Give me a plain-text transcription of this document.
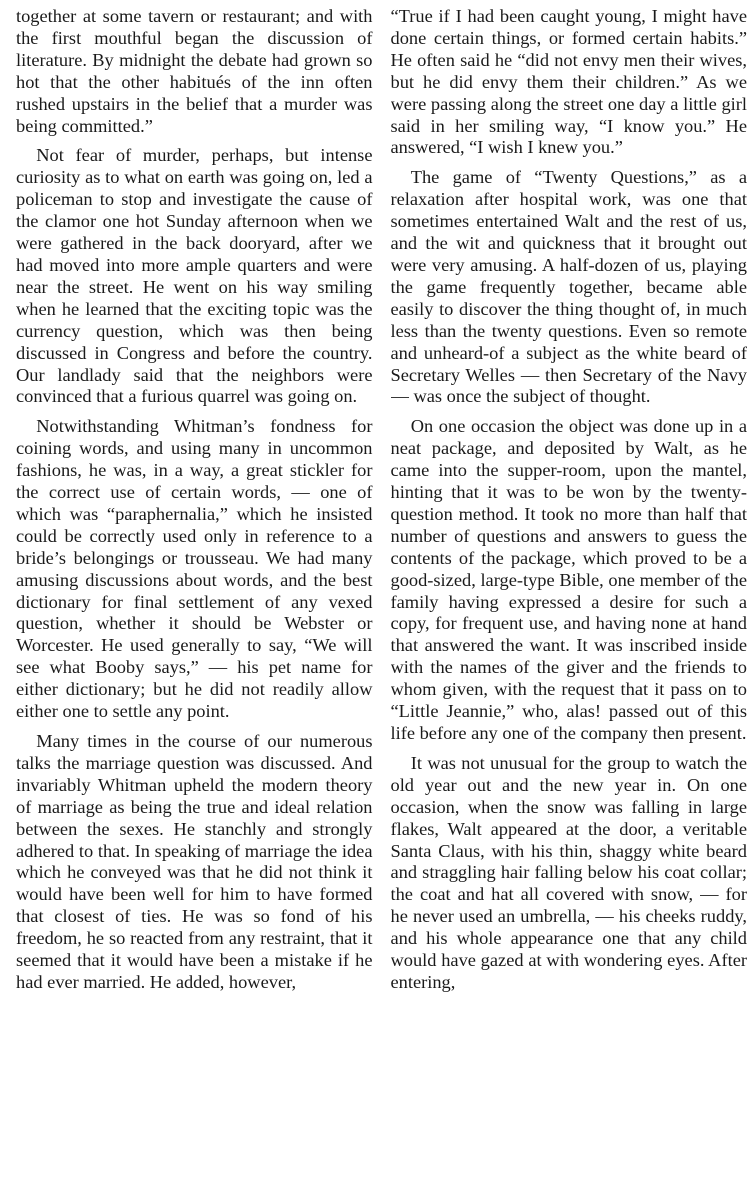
together at some tavern or restaurant; and with the first mouthful began the discussion of literature. By midnight the debate had grown so hot that the other habitués of the inn often rushed upstairs in the belief that a murder was being committed.”

Not fear of murder, perhaps, but intense curiosity as to what on earth was going on, led a policeman to stop and investigate the cause of the clamor one hot Sunday afternoon when we were gathered in the back dooryard, after we had moved into more ample quarters and were near the street. He went on his way smiling when he learned that the exciting topic was the currency question, which was then being discussed in Congress and before the country. Our landlady said that the neighbors were convinced that a furious quarrel was going on.

Notwithstanding Whitman’s fondness for coining words, and using many in uncommon fashions, he was, in a way, a great stickler for the correct use of certain words, — one of which was “paraphernalia,” which he insisted could be correctly used only in reference to a bride’s belongings or trousseau. We had many amusing discussions about words, and the best dictionary for final settlement of any vexed question, whether it should be Webster or Worcester. He used generally to say, “We will see what Booby says,” — his pet name for either dictionary; but he did not readily allow either one to settle any point.

Many times in the course of our numerous talks the marriage question was discussed. And invariably Whitman upheld the modern theory of marriage as being the true and ideal relation between the sexes. He stanchly and strongly adhered to that. In speaking of marriage the idea which he conveyed was that he did not think it would have been well for him to have formed that closest of ties. He was so fond of his freedom, he so reacted from any restraint, that it seemed that it would have been a mistake if he had ever married. He added, however,

“True if I had been caught young, I might have done certain things, or formed certain habits.” He often said he “did not envy men their wives, but he did envy them their children.” As we were passing along the street one day a little girl said in her smiling way, “I know you.” He answered, “I wish I knew you.”

The game of “Twenty Questions,” as a relaxation after hospital work, was one that sometimes entertained Walt and the rest of us, and the wit and quickness that it brought out were very amusing. A half-dozen of us, playing the game frequently together, became able easily to discover the thing thought of, in much less than the twenty questions. Even so remote and unheard-of a subject as the white beard of Secretary Welles — then Secretary of the Navy — was once the subject of thought.

On one occasion the object was done up in a neat package, and deposited by Walt, as he came into the supper-room, upon the mantel, hinting that it was to be won by the twenty-question method. It took no more than half that number of questions and answers to guess the contents of the package, which proved to be a good-sized, large-type Bible, one member of the family having expressed a desire for such a copy, for frequent use, and having none at hand that answered the want. It was inscribed inside with the names of the giver and the friends to whom given, with the request that it pass on to “Little Jeannie,” who, alas! passed out of this life before any one of the company then present.

It was not unusual for the group to watch the old year out and the new year in. On one occasion, when the snow was falling in large flakes, Walt appeared at the door, a veritable Santa Claus, with his thin, shaggy white beard and straggling hair falling below his coat collar; the coat and hat all covered with snow, — for he never used an umbrella, — his cheeks ruddy, and his whole appearance one that any child would have gazed at with wondering eyes. After entering,
